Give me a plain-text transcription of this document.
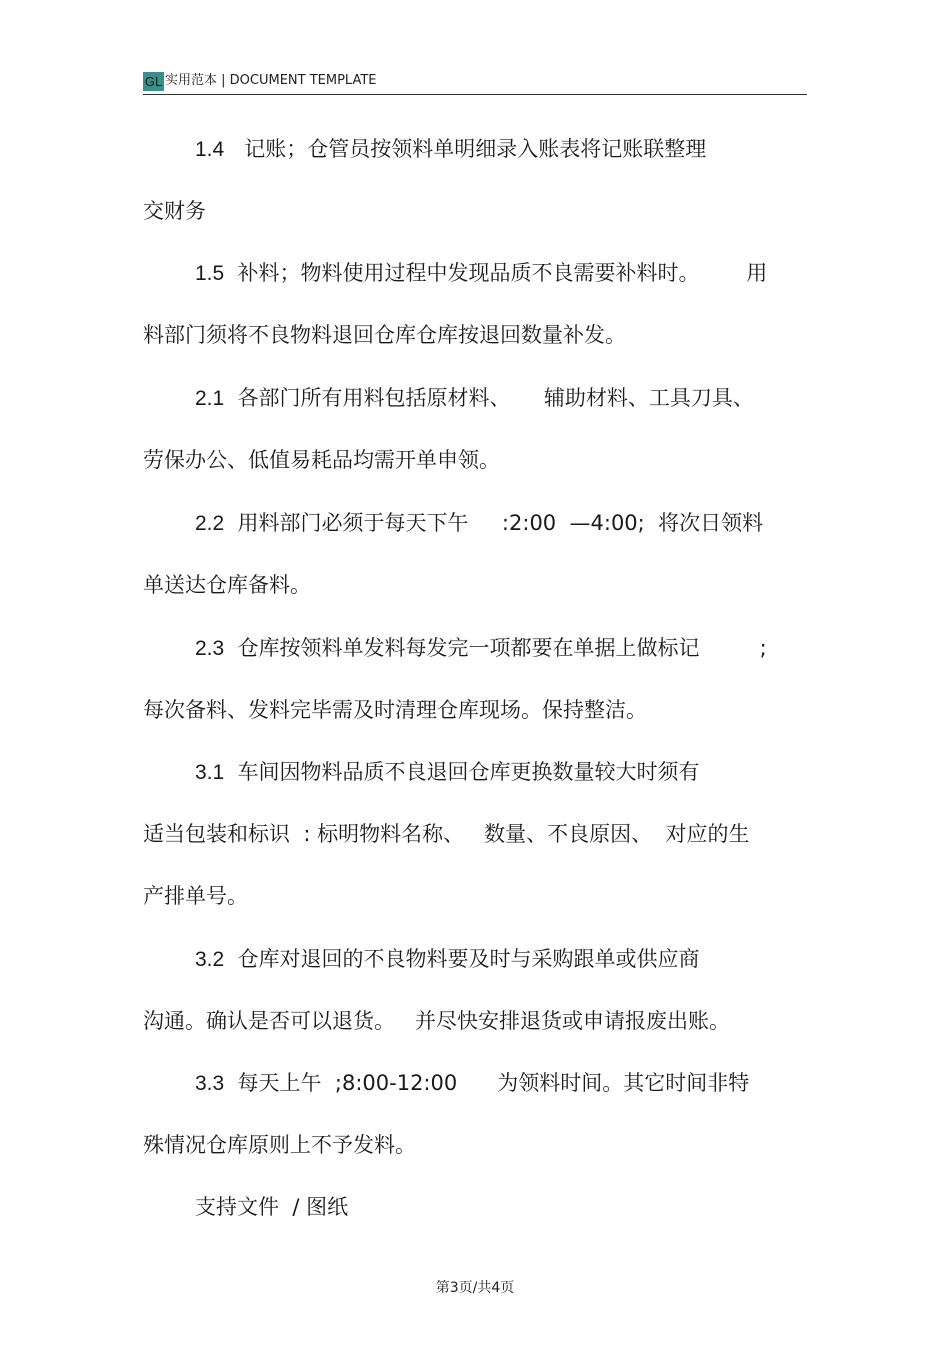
GL 实用范本 | DOCUMENT TEMPLATE
1.4   记账；仓管员按领料单明细录入账表将记账联整理
交财务
1.5  补料；物料使用过程中发现品质不良需要补料时。       用
料部门须将不良物料退回仓库仓库按退回数量补发。
2.1  各部门所有用料包括原材料、     辅助材料、工具刀具、
劳保办公、低值易耗品均需开单申领。
2.2  用料部门必须于每天下午     :2:00  —4:00;  将次日领料
单送达仓库备料。
2.3  仓库按领料单发料每发完一项都要在单据上做标记         ;
每次备料、发料完毕需及时清理仓库现场。保持整洁。
3.1  车间因物料品质不良退回仓库更换数量较大时须有
适当包装和标识  : 标明物料名称、   数量、不良原因、  对应的生
产排单号。
3.2  仓库对退回的不良物料要及时与采购跟单或供应商
沟通。确认是否可以退货。   并尽快安排退货或申请报废出账。
3.3  每天上午  ;8:00-12:00      为领料时间。其它时间非特
殊情况仓库原则上不予发料。
支持文件  / 图纸
第3页/共4页
